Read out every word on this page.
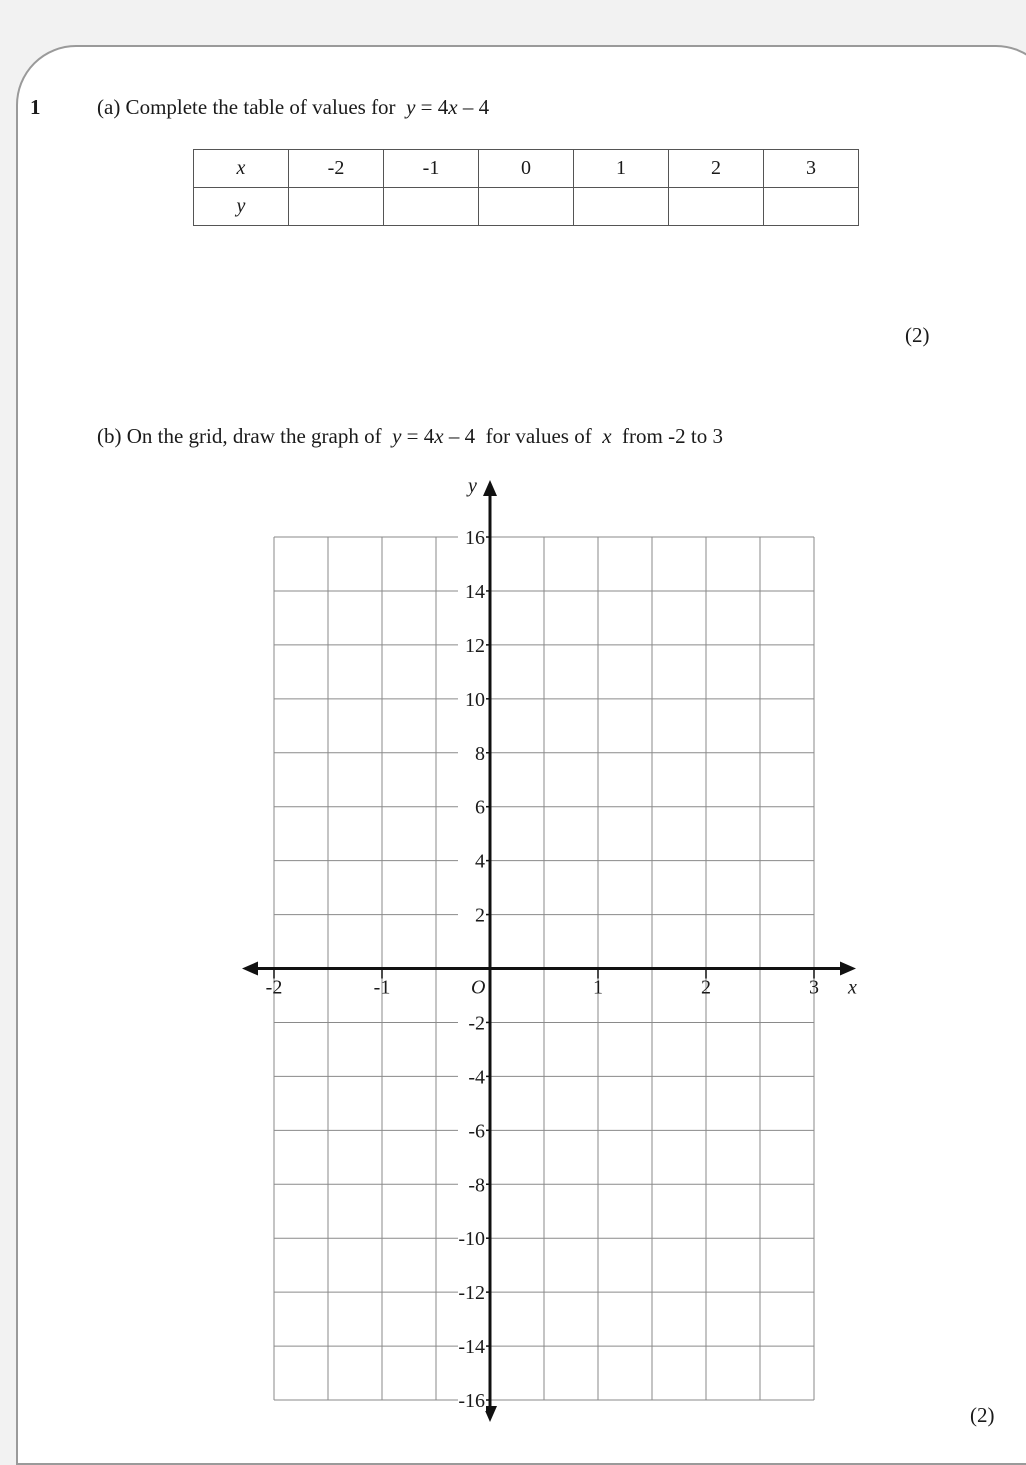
1	(a) Complete the table of values for y = 4x – 4
x	-2	-1	0	1	2	3
y						
(2)
(b) On the grid, draw the graph of y = 4x – 4  for values of x  from -2 to 3
-2	-1	1	2	3
16
14
12
10
8
6
4
2
-2
-4
-6
-8
-10
-12
-14
-16
x
y
O
(2)
